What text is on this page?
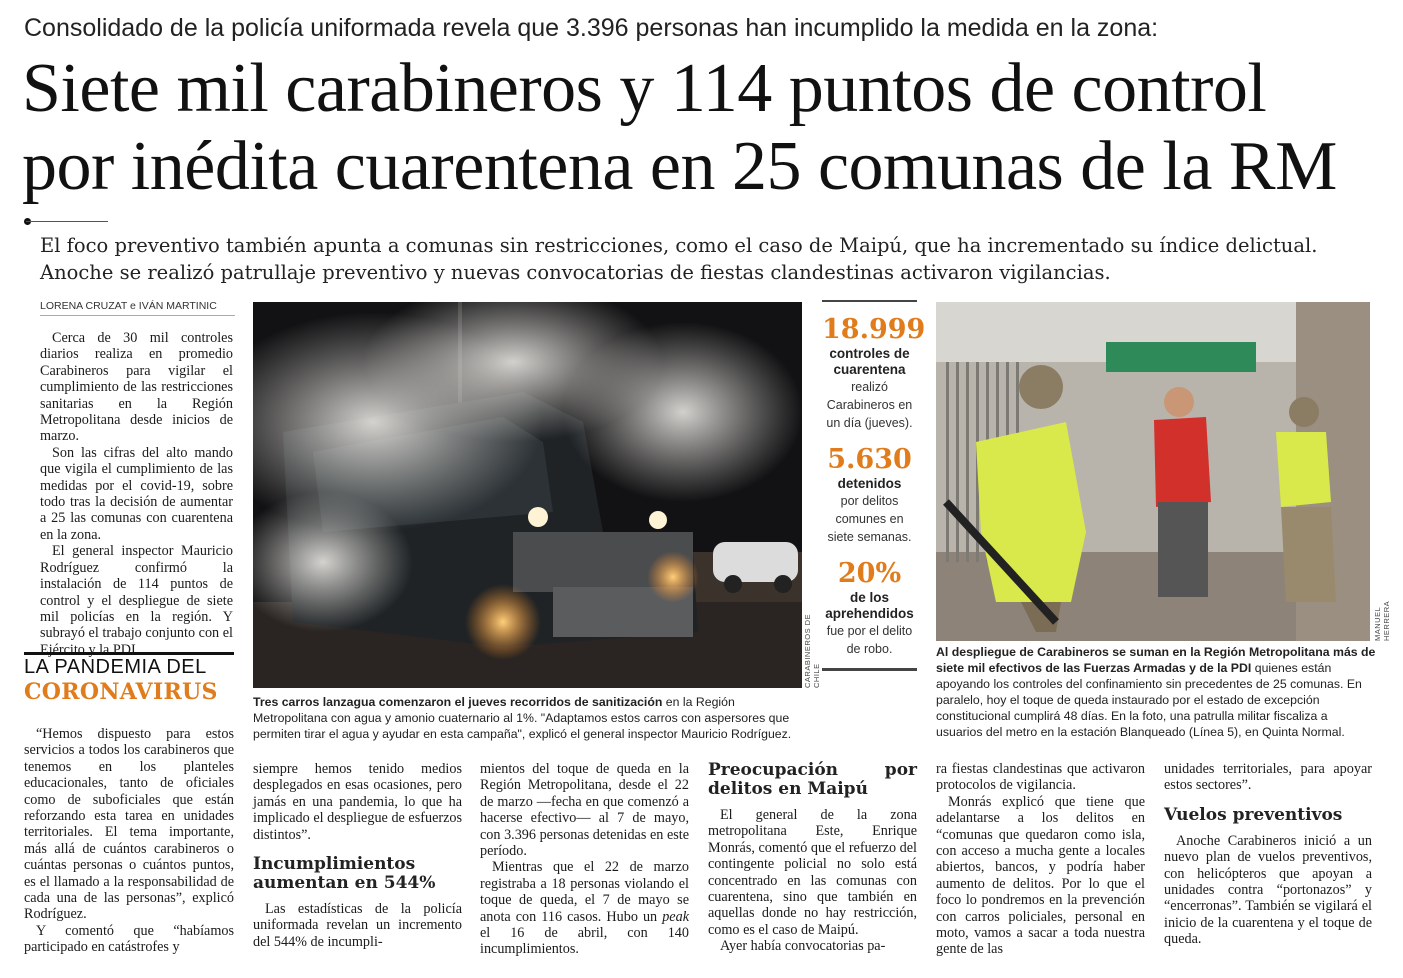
Consolidado de la policía uniformada revela que 3.396 personas han incumplido la medida en la zona:
Siete mil carabineros y 114 puntos de control
por inédita cuarentena en 25 comunas de la RM
El foco preventivo también apunta a comunas sin restricciones, como el caso de Maipú, que ha incrementado su índice delictual.
Anoche se realizó patrullaje preventivo y nuevas convocatorias de fiestas clandestinas activaron vigilancias.
LORENA CRUZAT e IVÁN MARTINIC

Cerca de 30 mil controles diarios realiza en promedio Carabineros para vigilar el cumplimiento de las restricciones sanitarias en la Región Metropolitana desde inicios de marzo.

Son las cifras del alto mando que vigila el cumplimiento de las medidas por el covid-19, sobre todo tras la decisión de aumentar a 25 las comunas con cuarentena en la zona.

El general inspector Mauricio Rodríguez confirmó la instalación de 114 puntos de control y el despliegue de siete mil policías en la región. Y subrayó el trabajo conjunto con el Ejército y la PDI.

LA PANDEMIA DEL
CORONAVIRUS

“Hemos dispuesto para estos servicios a todos los carabineros que tenemos en los planteles educacionales, tanto de oficiales como de suboficiales que están reforzando esta tarea en unidades territoriales. El tema importante, más allá de cuántos carabineros o cuántas personas o cuántos puntos, es el llamado a la responsabilidad de cada una de las personas”, explicó Rodríguez.

Y comentó que “habíamos participado en catástrofes y

CARABINEROS DE CHILE
Tres carros lanzagua comenzaron el jueves recorridos de sanitización en la Región Metropolitana con agua y amonio cuaternario al 1%. "Adaptamos estos carros con aspersores que permiten tirar el agua y ayudar en esta campaña", explicó el general inspector Mauricio Rodríguez.
18.999
controles de cuarentena
realizó Carabineros en un día (jueves).
5.630
detenidos
por delitos comunes en siete semanas.
20%
de los aprehendidos
fue por el delito de robo.
MANUEL HERRERA
Al despliegue de Carabineros se suman en la Región Metropolitana más de siete mil efectivos de las Fuerzas Armadas y de la PDI quienes están apoyando los controles del confinamiento sin precedentes de 25 comunas. En paralelo, hoy el toque de queda instaurado por el estado de excepción constitucional cumplirá 48 días. En la foto, una patrulla militar fiscaliza a usuarios del metro en la estación Blanqueado (Línea 5), en Quinta Normal.

siempre hemos tenido medios desplegados en esas ocasiones, pero jamás en una pandemia, lo que ha implicado el despliegue de esfuerzos distintos”.

Incumplimientos aumentan en 544%

Las estadísticas de la policía uniformada revelan un incremento del 544% de incumpli-

mientos del toque de queda en la Región Metropolitana, desde el 22 de marzo —fecha en que comenzó a hacerse efectivo— al 7 de mayo, con 3.396 personas detenidas en este período.

Mientras que el 22 de marzo registraba a 18 personas violando el toque de queda, el 7 de mayo se anota con 116 casos. Hubo un peak el 16 de abril, con 140 incumplimientos.

Preocupación por delitos en Maipú

El general de la zona metropolitana Este, Enrique Monrás, comentó que el refuerzo del contingente policial no solo está concentrado en las comunas con cuarentena, sino que también en aquellas donde no hay restricción, como es el caso de Maipú.

Ayer había convocatorias pa-

ra fiestas clandestinas que activaron protocolos de vigilancia.

Monrás explicó que tiene que adelantarse a los delitos en “comunas que quedaron como isla, con acceso a mucha gente a locales abiertos, bancos, y podría haber aumento de delitos. Por lo que el foco lo pondremos en la prevención con carros policiales, personal en moto, vamos a sacar a toda nuestra gente de las

unidades territoriales, para apoyar estos sectores”.

Vuelos preventivos

Anoche Carabineros inició a un nuevo plan de vuelos preventivos, con helicópteros que apoyan a unidades contra “portonazos” y “encerronas”. También se vigilará el inicio de la cuarentena y el toque de queda.
